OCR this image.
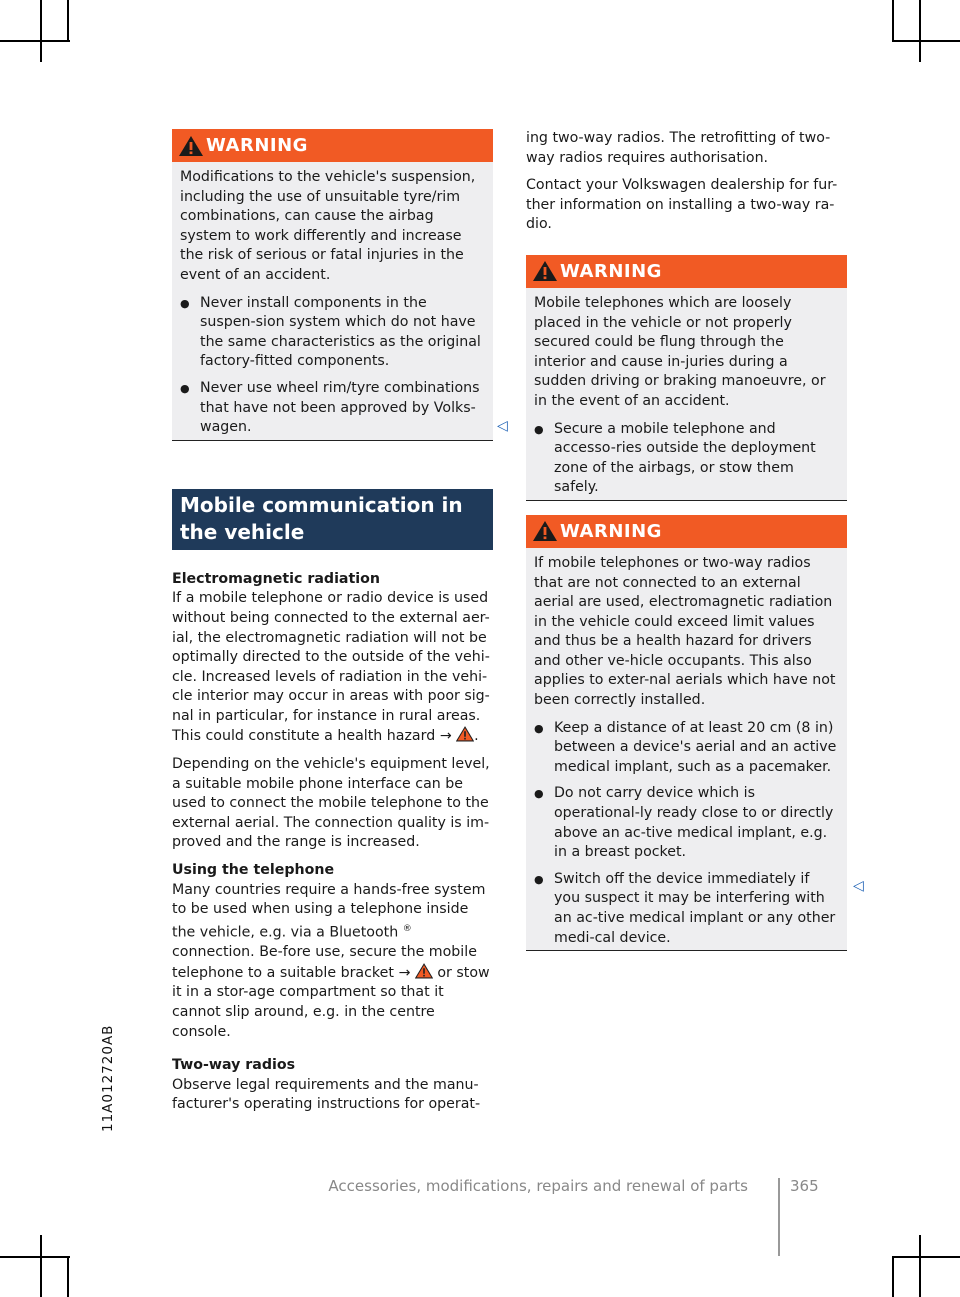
11A012720AB
WARNING

Modifications to the vehicle's suspension, including the use of unsuitable tyre/rim combinations, can cause the airbag system to work differently and increase the risk of serious or fatal injuries in the event of an accident.

● Never install components in the suspen-sion system which do not have the same characteristics as the original factory-fitted components.
● Never use wheel rim/tyre combinations that have not been approved by Volks-wagen.
Mobile communication in the vehicle

Electromagnetic radiation

If a mobile telephone or radio device is used without being connected to the external aer-ial, the electromagnetic radiation will not be optimally directed to the outside of the vehi-cle. Increased levels of radiation in the vehi-cle interior may occur in areas with poor sig-nal in particular, for instance in rural areas. This could constitute a health hazard → .

Depending on the vehicle's equipment level, a suitable mobile phone interface can be used to connect the mobile telephone to the external aerial. The connection quality is im-proved and the range is increased.

Using the telephone

Many countries require a hands-free system to be used when using a telephone inside the vehicle, e.g. via a Bluetooth ® connection. Be-fore use, secure the mobile telephone to a suitable bracket →  or stow it in a stor-age compartment so that it cannot slip around, e.g. in the centre console.

Two-way radios

Observe legal requirements and the manu-facturer's operating instructions for operat-

◁

ing two-way radios. The retrofitting of two-way radios requires authorisation.

Contact your Volkswagen dealership for fur-ther information on installing a two-way ra-dio.

WARNING

Mobile telephones which are loosely placed in the vehicle or not properly secured could be flung through the interior and cause in-juries during a sudden driving or braking manoeuvre, or in the event of an accident.

● Secure a mobile telephone and accesso-ries outside the deployment zone of the airbags, or stow them safely.
WARNING

If mobile telephones or two-way radios that are not connected to an external aerial are used, electromagnetic radiation in the vehicle could exceed limit values and thus be a health hazard for drivers and other ve-hicle occupants. This also applies to exter-nal aerials which have not been correctly installed.

● Keep a distance of at least 20 cm (8 in) between a device's aerial and an active medical implant, such as a pacemaker.
● Do not carry device which is operational-ly ready close to or directly above an ac-tive medical implant, e.g. in a breast pocket.
● Switch off the device immediately if you suspect it may be interfering with an ac-tive medical implant or any other medi-cal device.
◁
Accessories, modifications, repairs and renewal of parts	365
